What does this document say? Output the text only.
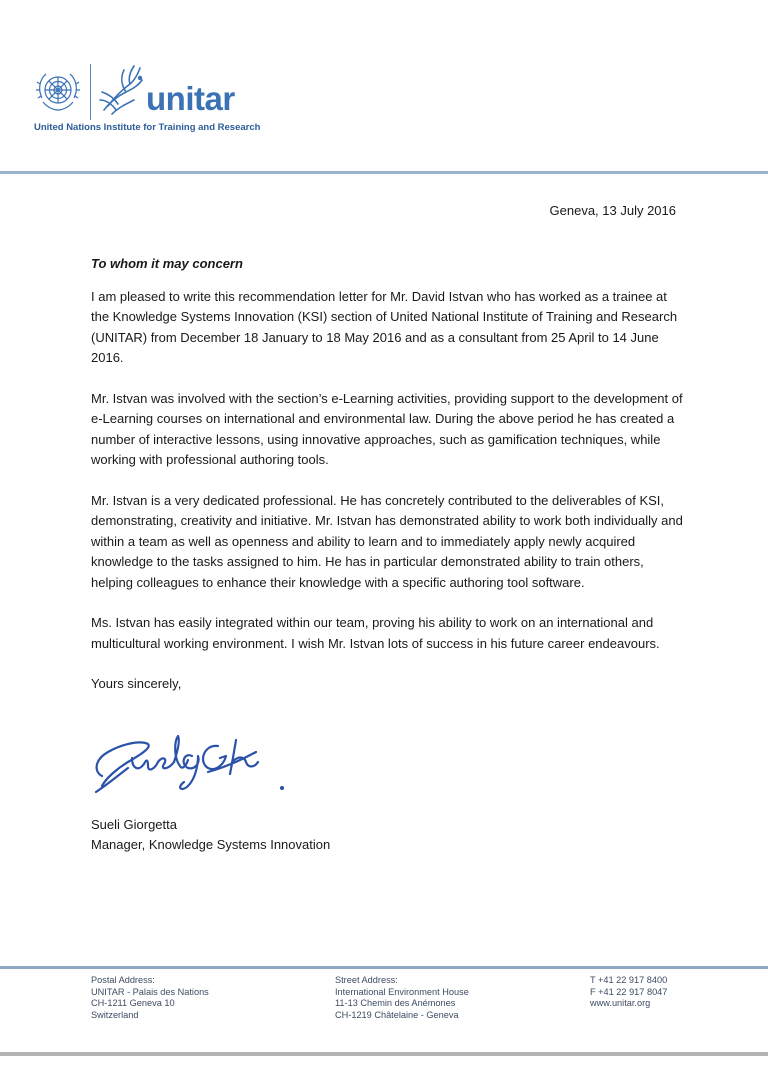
unitar
United Nations Institute for Training and Research
Geneva, 13 July 2016

To whom it may concern

I am pleased to write this recommendation letter for Mr. David Istvan who has worked as a trainee at the Knowledge Systems Innovation (KSI) section of United National Institute of Training and Research (UNITAR) from December 18 January to 18 May 2016 and as a consultant from 25 April to 14 June 2016.

Mr. Istvan was involved with the section’s e-Learning activities, providing support to the development of e-Learning courses on international and environmental law. During the above period he has created a number of interactive lessons, using innovative approaches, such as gamification techniques, while working with professional authoring tools.

Mr. Istvan is a very dedicated professional. He has concretely contributed to the deliverables of KSI, demonstrating, creativity and initiative. Mr. Istvan has demonstrated ability to work both individually and within a team as well as openness and ability to learn and to immediately apply newly acquired knowledge to the tasks assigned to him. He has in particular demonstrated ability to train others, helping colleagues to enhance their knowledge with a specific authoring tool software.

Ms. Istvan has easily integrated within our team, proving his ability to work on an international and multicultural working environment. I wish Mr. Istvan lots of success in his future career endeavours.

Yours sincerely,

Sueli Giorgetta
Manager, Knowledge Systems Innovation
Postal Address:
UNITAR - Palais des Nations
CH-1211 Geneva 10
Switzerland
Street Address:
International Environment House
11-13 Chemin des Anémones
CH-1219 Châtelaine - Geneva
T +41 22 917 8400
F +41 22 917 8047
www.unitar.org
